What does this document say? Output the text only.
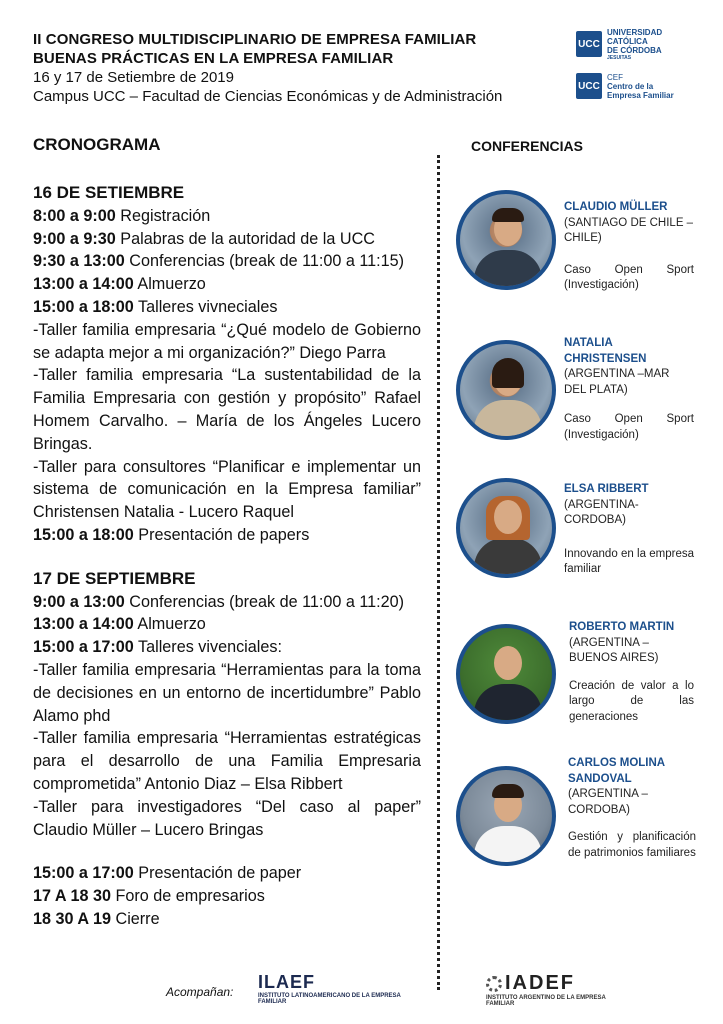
II CONGRESO MULTIDISCIPLINARIO DE EMPRESA FAMILIAR
BUENAS PRÁCTICAS EN LA EMPRESA FAMILIAR
16 y 17 de Setiembre de 2019
Campus UCC – Facultad de Ciencias Económicas y de Administración
UCC
UNIVERSIDAD
CATÓLICA
DE CÓRDOBA
JESUITAS
UCC
CEF
Centro de la
Empresa Familiar
CRONOGRAMA
16 DE SETIEMBRE
8:00 a 9:00 Registración
9:00 a 9:30 Palabras de la autoridad de la UCC
9:30 a 13:00 Conferencias (break de 11:00 a 11:15)
13:00 a 14:00 Almuerzo
15:00 a 18:00 Talleres vivneciales
-Taller familia empresaria “¿Qué modelo de Gobierno se adapta mejor a mi organización?” Diego Parra
-Taller familia empresaria “La sustentabilidad de la Familia Empresaria con gestión y propósito” Rafael Homem Carvalho. – María de los Ángeles Lucero Bringas.
-Taller para consultores “Planificar e implementar un sistema de comunicación en la Empresa familiar” Christensen Natalia - Lucero Raquel
15:00 a 18:00 Presentación de papers
17 DE SEPTIEMBRE
9:00 a 13:00 Conferencias (break de 11:00 a 11:20)
13:00 a 14:00 Almuerzo
15:00 a 17:00 Talleres vivenciales:
-Taller familia empresaria “Herramientas para la toma de decisiones en un entorno de incertidumbre” Pablo Alamo phd
-Taller familia empresaria “Herramientas estratégicas para el desarrollo de una Familia Empresaria comprometida” Antonio Diaz – Elsa Ribbert
-Taller para investigadores “Del caso al paper” Claudio Müller – Lucero Bringas
15:00 a 17:00 Presentación de paper
17 A 18 30 Foro de empresarios
18 30 A 19 Cierre
CONFERENCIAS
CLAUDIO MÜLLER
(SANTIAGO DE CHILE – CHILE)
Caso Open Sport (Investigación)
NATALIA CHRISTENSEN
(ARGENTINA –MAR DEL PLATA)
Caso Open Sport (Investigación)
ELSA RIBBERT
(ARGENTINA-CORDOBA)
Innovando en la empresa familiar
ROBERTO MARTIN
(ARGENTINA – BUENOS AIRES)
Creación de valor a lo largo de las generaciones
CARLOS MOLINA SANDOVAL
(ARGENTINA – CORDOBA)
Gestión y planificación de patrimonios familiares
Acompañan: ILAEF
INSTITUTO LATINOAMERICANO DE LA EMPRESA FAMILIAR
IADEF
INSTITUTO ARGENTINO DE LA EMPRESA FAMILIAR
